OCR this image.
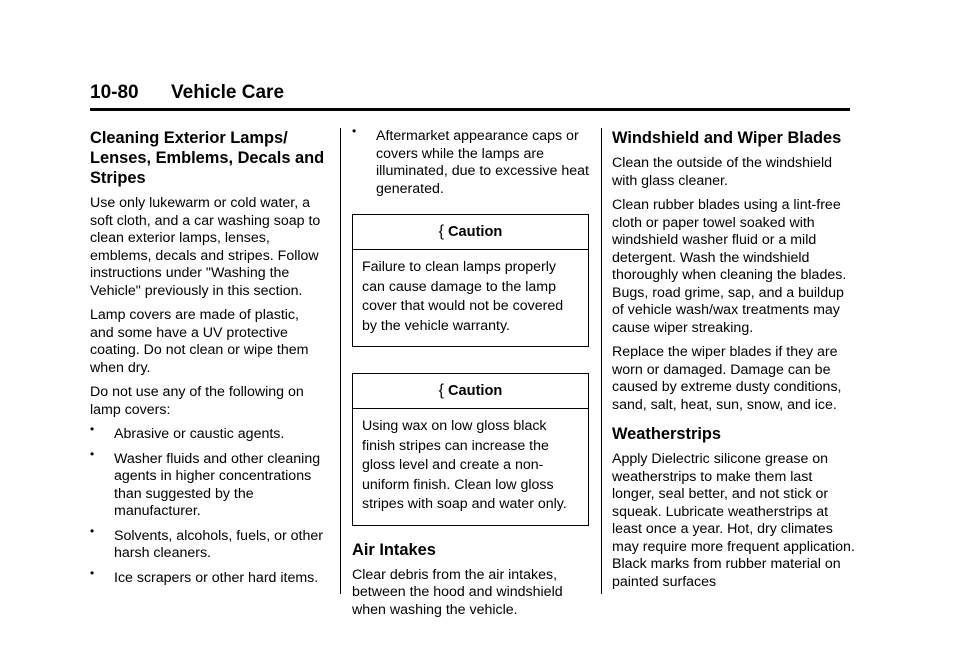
10-80 Vehicle Care
Cleaning Exterior Lamps/ Lenses, Emblems, Decals and Stripes

Use only lukewarm or cold water, a soft cloth, and a car washing soap to clean exterior lamps, lenses, emblems, decals and stripes. Follow instructions under "Washing the Vehicle" previously in this section.

Lamp covers are made of plastic, and some have a UV protective coating. Do not clean or wipe them when dry.

Do not use any of the following on lamp covers:

• Abrasive or caustic agents.
• Washer fluids and other cleaning agents in higher concentrations than suggested by the manufacturer.
• Solvents, alcohols, fuels, or other harsh cleaners.
• Ice scrapers or other hard items.
• Aftermarket appearance caps or covers while the lamps are illuminated, due to excessive heat generated.
{ Caution
Failure to clean lamps properly can cause damage to the lamp cover that would not be covered by the vehicle warranty.
{ Caution
Using wax on low gloss black finish stripes can increase the gloss level and create a non-uniform finish. Clean low gloss stripes with soap and water only.
Air Intakes

Clear debris from the air intakes, between the hood and windshield when washing the vehicle.

Windshield and Wiper Blades

Clean the outside of the windshield with glass cleaner.

Clean rubber blades using a lint-free cloth or paper towel soaked with windshield washer fluid or a mild detergent. Wash the windshield thoroughly when cleaning the blades. Bugs, road grime, sap, and a buildup of vehicle wash/wax treatments may cause wiper streaking.

Replace the wiper blades if they are worn or damaged. Damage can be caused by extreme dusty conditions, sand, salt, heat, sun, snow, and ice.

Weatherstrips

Apply Dielectric silicone grease on weatherstrips to make them last longer, seal better, and not stick or squeak. Lubricate weatherstrips at least once a year. Hot, dry climates may require more frequent application. Black marks from rubber material on painted surfaces
